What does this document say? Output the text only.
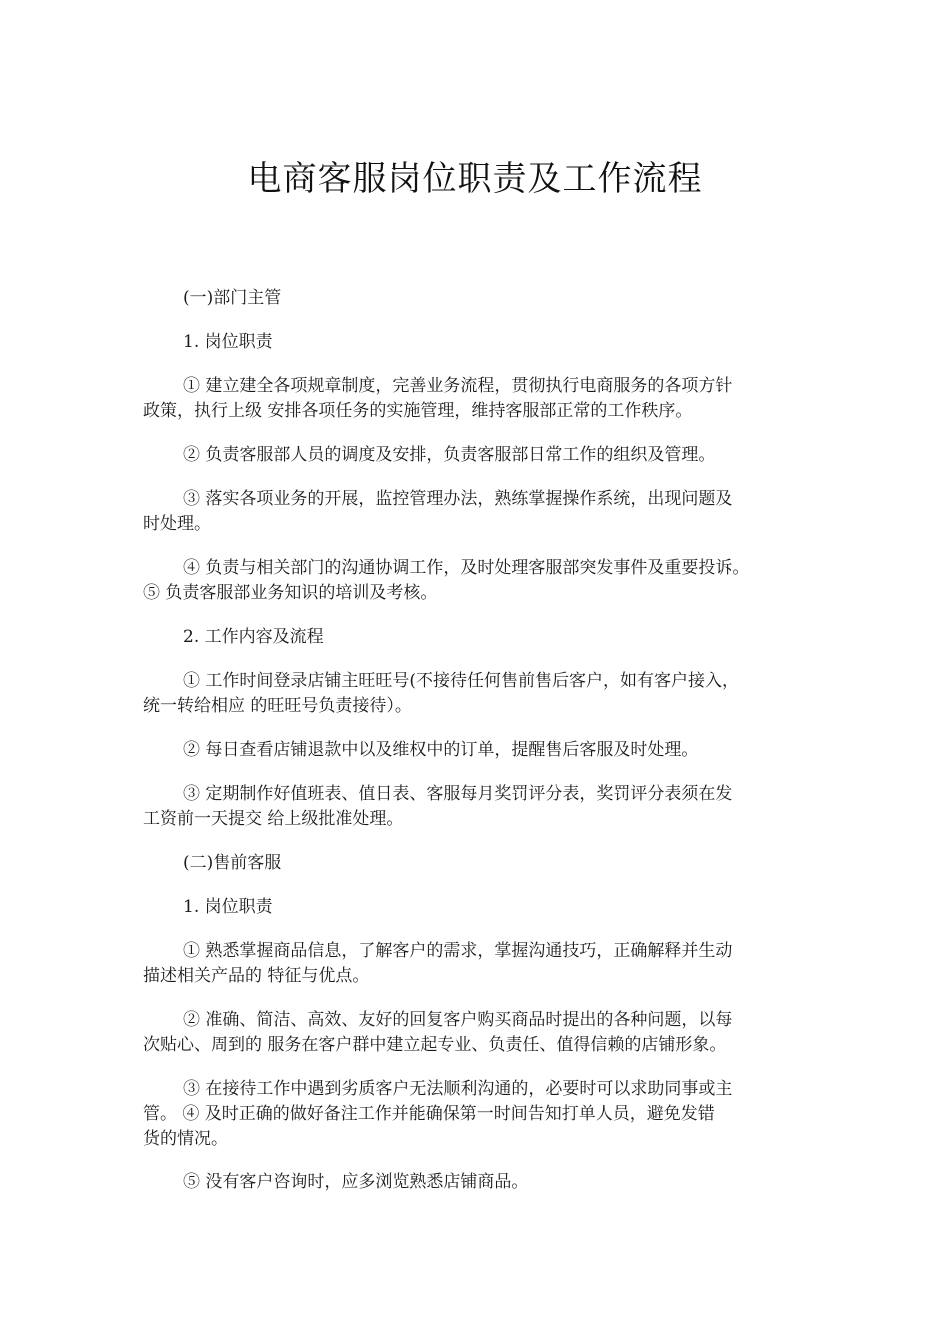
电商客服岗位职责及工作流程
(一)部门主管
1. 岗位职责
① 建立建全各项规章制度，完善业务流程，贯彻执行电商服务的各项方针
政策，执行上级 安排各项任务的实施管理，维持客服部正常的工作秩序。
② 负责客服部人员的调度及安排，负责客服部日常工作的组织及管理。
③ 落实各项业务的开展，监控管理办法，熟练掌握操作系统，出现问题及
时处理。
④ 负责与相关部门的沟通协调工作，及时处理客服部突发事件及重要投诉。
⑤ 负责客服部业务知识的培训及考核。
2. 工作内容及流程
① 工作时间登录店铺主旺旺号(不接待任何售前售后客户，如有客户接入，
统一转给相应 的旺旺号负责接待）。
② 每日查看店铺退款中以及维权中的订单，提醒售后客服及时处理。
③ 定期制作好值班表、值日表、客服每月奖罚评分表，奖罚评分表须在发
工资前一天提交 给上级批准处理。
(二)售前客服
1. 岗位职责
① 熟悉掌握商品信息，了解客户的需求，掌握沟通技巧，正确解释并生动
描述相关产品的 特征与优点。
② 准确、简洁、高效、友好的回复客户购买商品时提出的各种问题，以每
次贴心、周到的 服务在客户群中建立起专业、负责任、值得信赖的店铺形象。
③ 在接待工作中遇到劣质客户无法顺利沟通的，必要时可以求助同事或主
管。 ④ 及时正确的做好备注工作并能确保第一时间告知打单人员，避免发错
货的情况。
⑤ 没有客户咨询时，应多浏览熟悉店铺商品。
